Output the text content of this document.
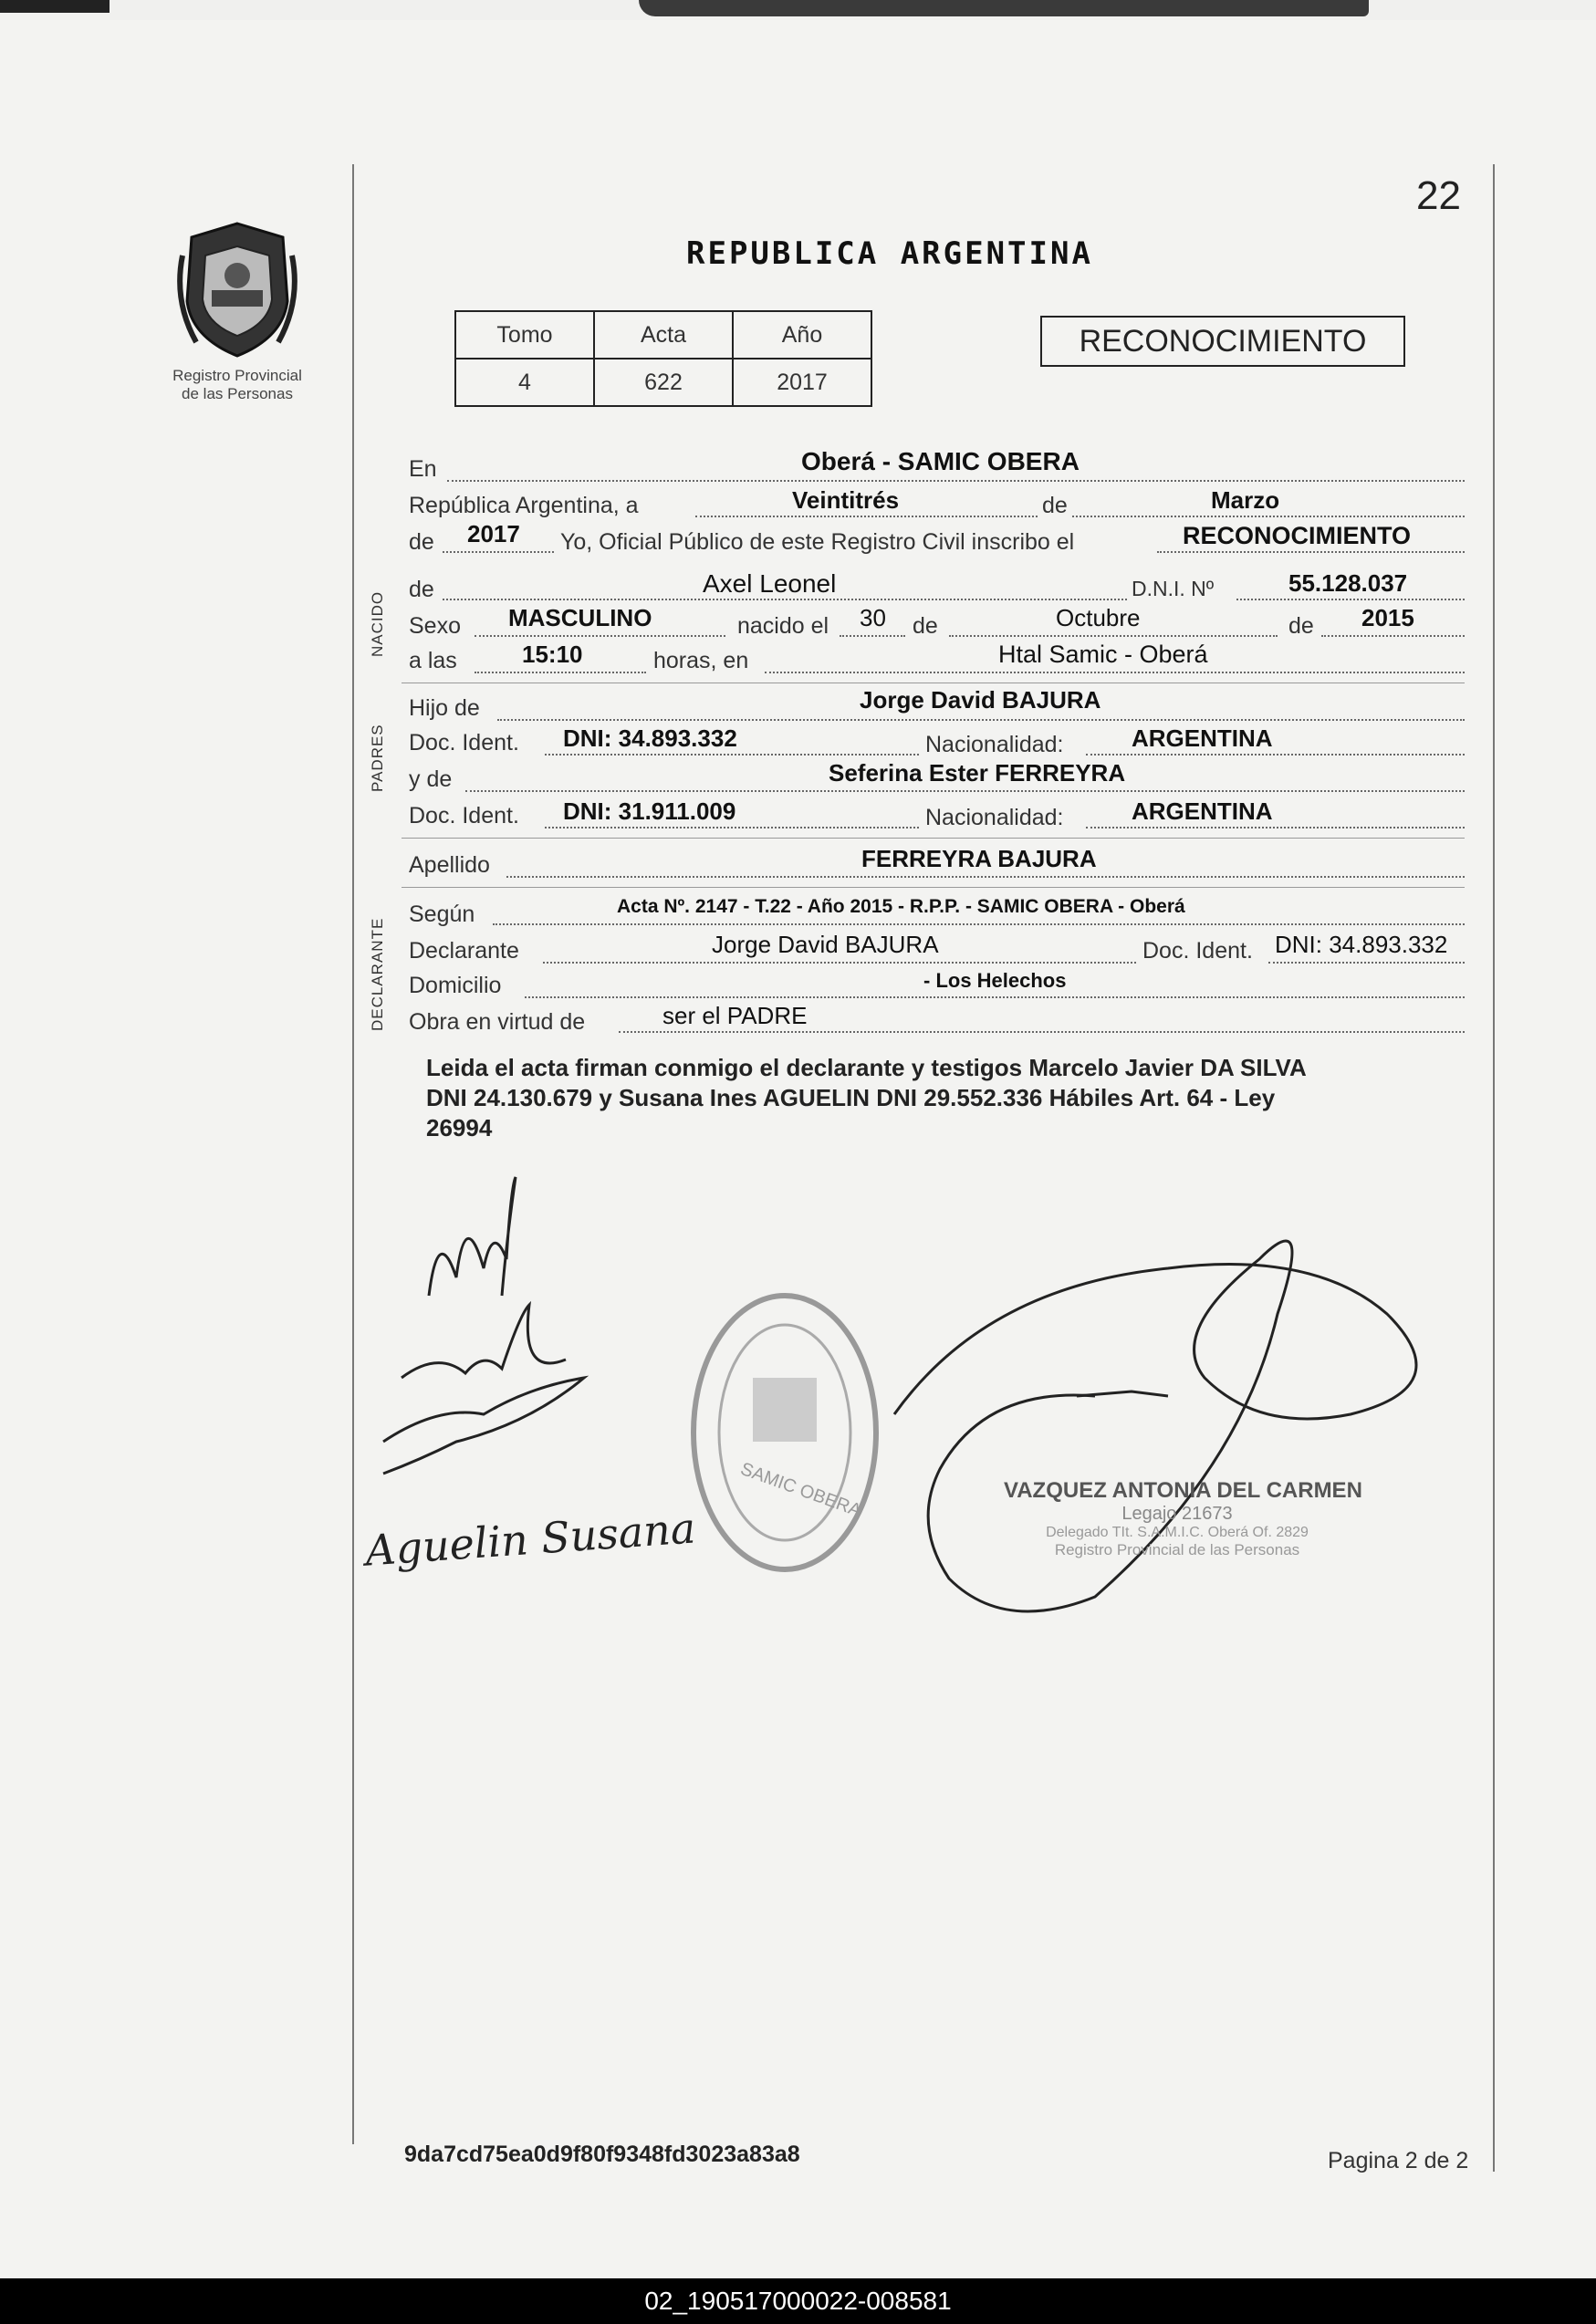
Registro Provincial
de las Personas
22
REPUBLICA ARGENTINA
Tomo	Acta	Año
4	622	2017
RECONOCIMIENTO
En	Oberá - SAMIC OBERA
República Argentina, a	Veintitrés	de	Marzo
de 2017 Yo, Oficial Público de este Registro Civil inscribo el	RECONOCIMIENTO
NACIDO
de	Axel Leonel	D.N.I. Nº	55.128.037
Sexo MASCULINO	nacido el 30 de	Octubre	de 2015
a las	15:10	horas, en	Htal Samic - Oberá
PADRES
Hijo de	Jorge David BAJURA
Doc. Ident. DNI: 34.893.332	Nacionalidad:	ARGENTINA
y de	Seferina Ester FERREYRA
Doc. Ident. DNI: 31.911.009	Nacionalidad:	ARGENTINA
Apellido	FERREYRA BAJURA
DECLARANTE
Según	Acta Nº. 2147 - T.22 - Año 2015 - R.P.P. - SAMIC OBERA - Oberá
Declarante	Jorge David BAJURA	Doc. Ident. DNI: 34.893.332
Domicilio	- Los Helechos
Obra en virtud de	ser el PADRE
Leida el acta firman conmigo el declarante y testigos Marcelo Javier DA SILVA
DNI 24.130.679 y Susana Ines AGUELIN DNI 29.552.336 Hábiles Art. 64 - Ley
26994
SAMIC OBERA	VAZQUEZ ANTONIA DEL CARMEN
Legajo 21673
Delegado TIt. S.A.M.I.C. Oberá Of. 2829
Registro Provincial de las Personas
Aguelin Susana
9da7cd75ea0d9f80f9348fd3023a83a8	Pagina 2 de 2
02_190517000022-008581
